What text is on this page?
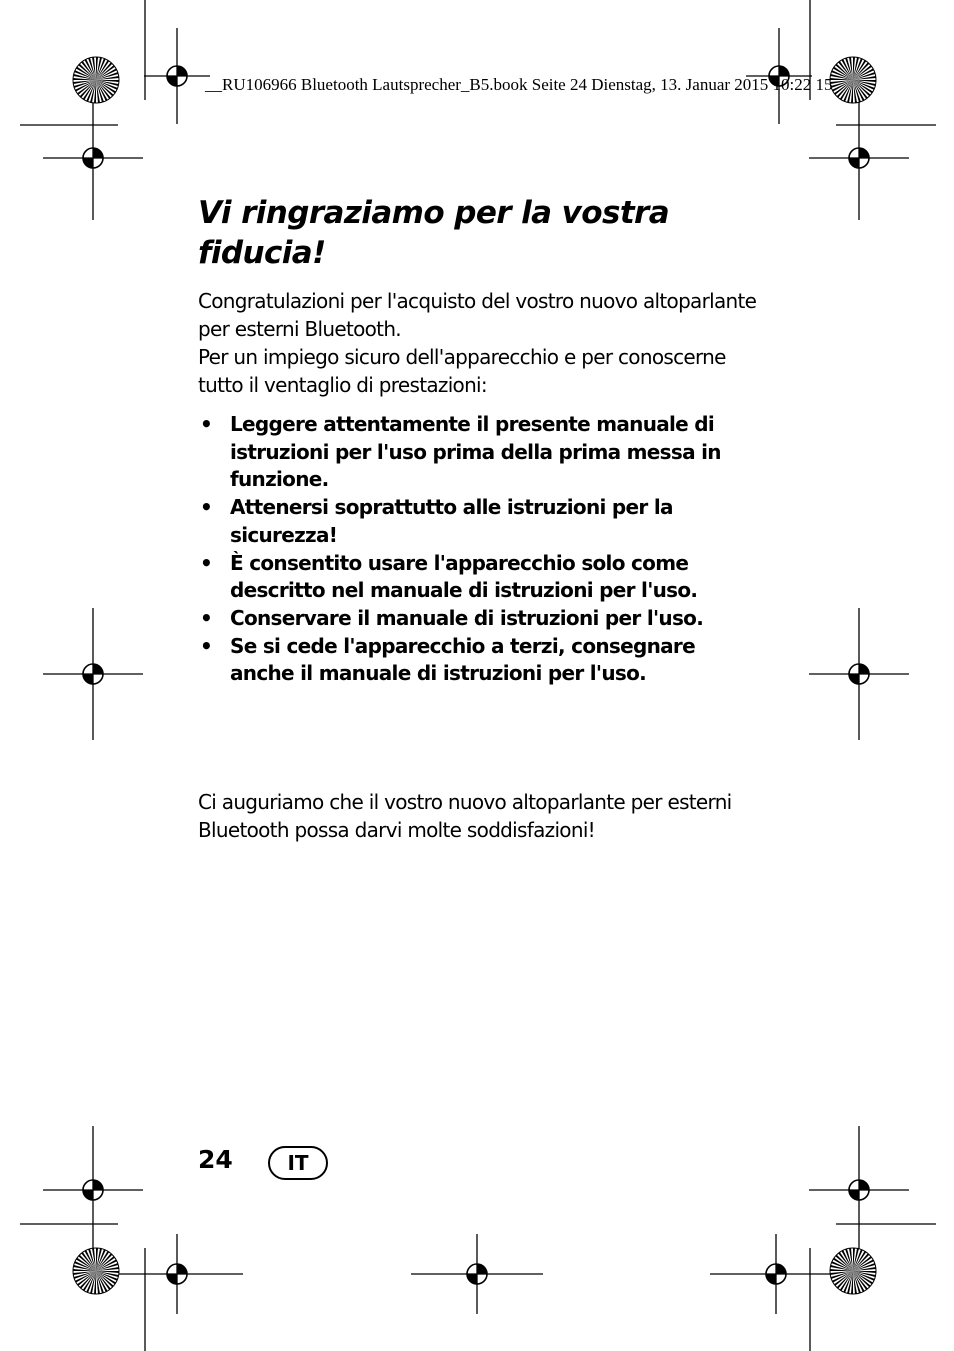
__RU106966 Bluetooth Lautsprecher_B5.book Seite 24 Dienstag, 13. Januar 2015 10:22 15
Vi ringraziamo per la vostra
fiducia!

Congratulazioni per l'acquisto del vostro nuovo altoparlante per esterni Bluetooth.

Per un impiego sicuro dell'apparecchio e per conoscerne tutto il ventaglio di prestazioni:

• Leggere attentamente il presente manuale di istruzioni per l'uso prima della prima messa in funzione.
• Attenersi soprattutto alle istruzioni per la sicurezza!
• È consentito usare l'apparecchio solo come descritto nel manuale di istruzioni per l'uso.
• Conservare il manuale di istruzioni per l'uso.
• Se si cede l'apparecchio a terzi, consegnare anche il manuale di istruzioni per l'uso.

Ci auguriamo che il vostro nuovo altoparlante per esterni Bluetooth possa darvi molte soddisfazioni!

24	IT
